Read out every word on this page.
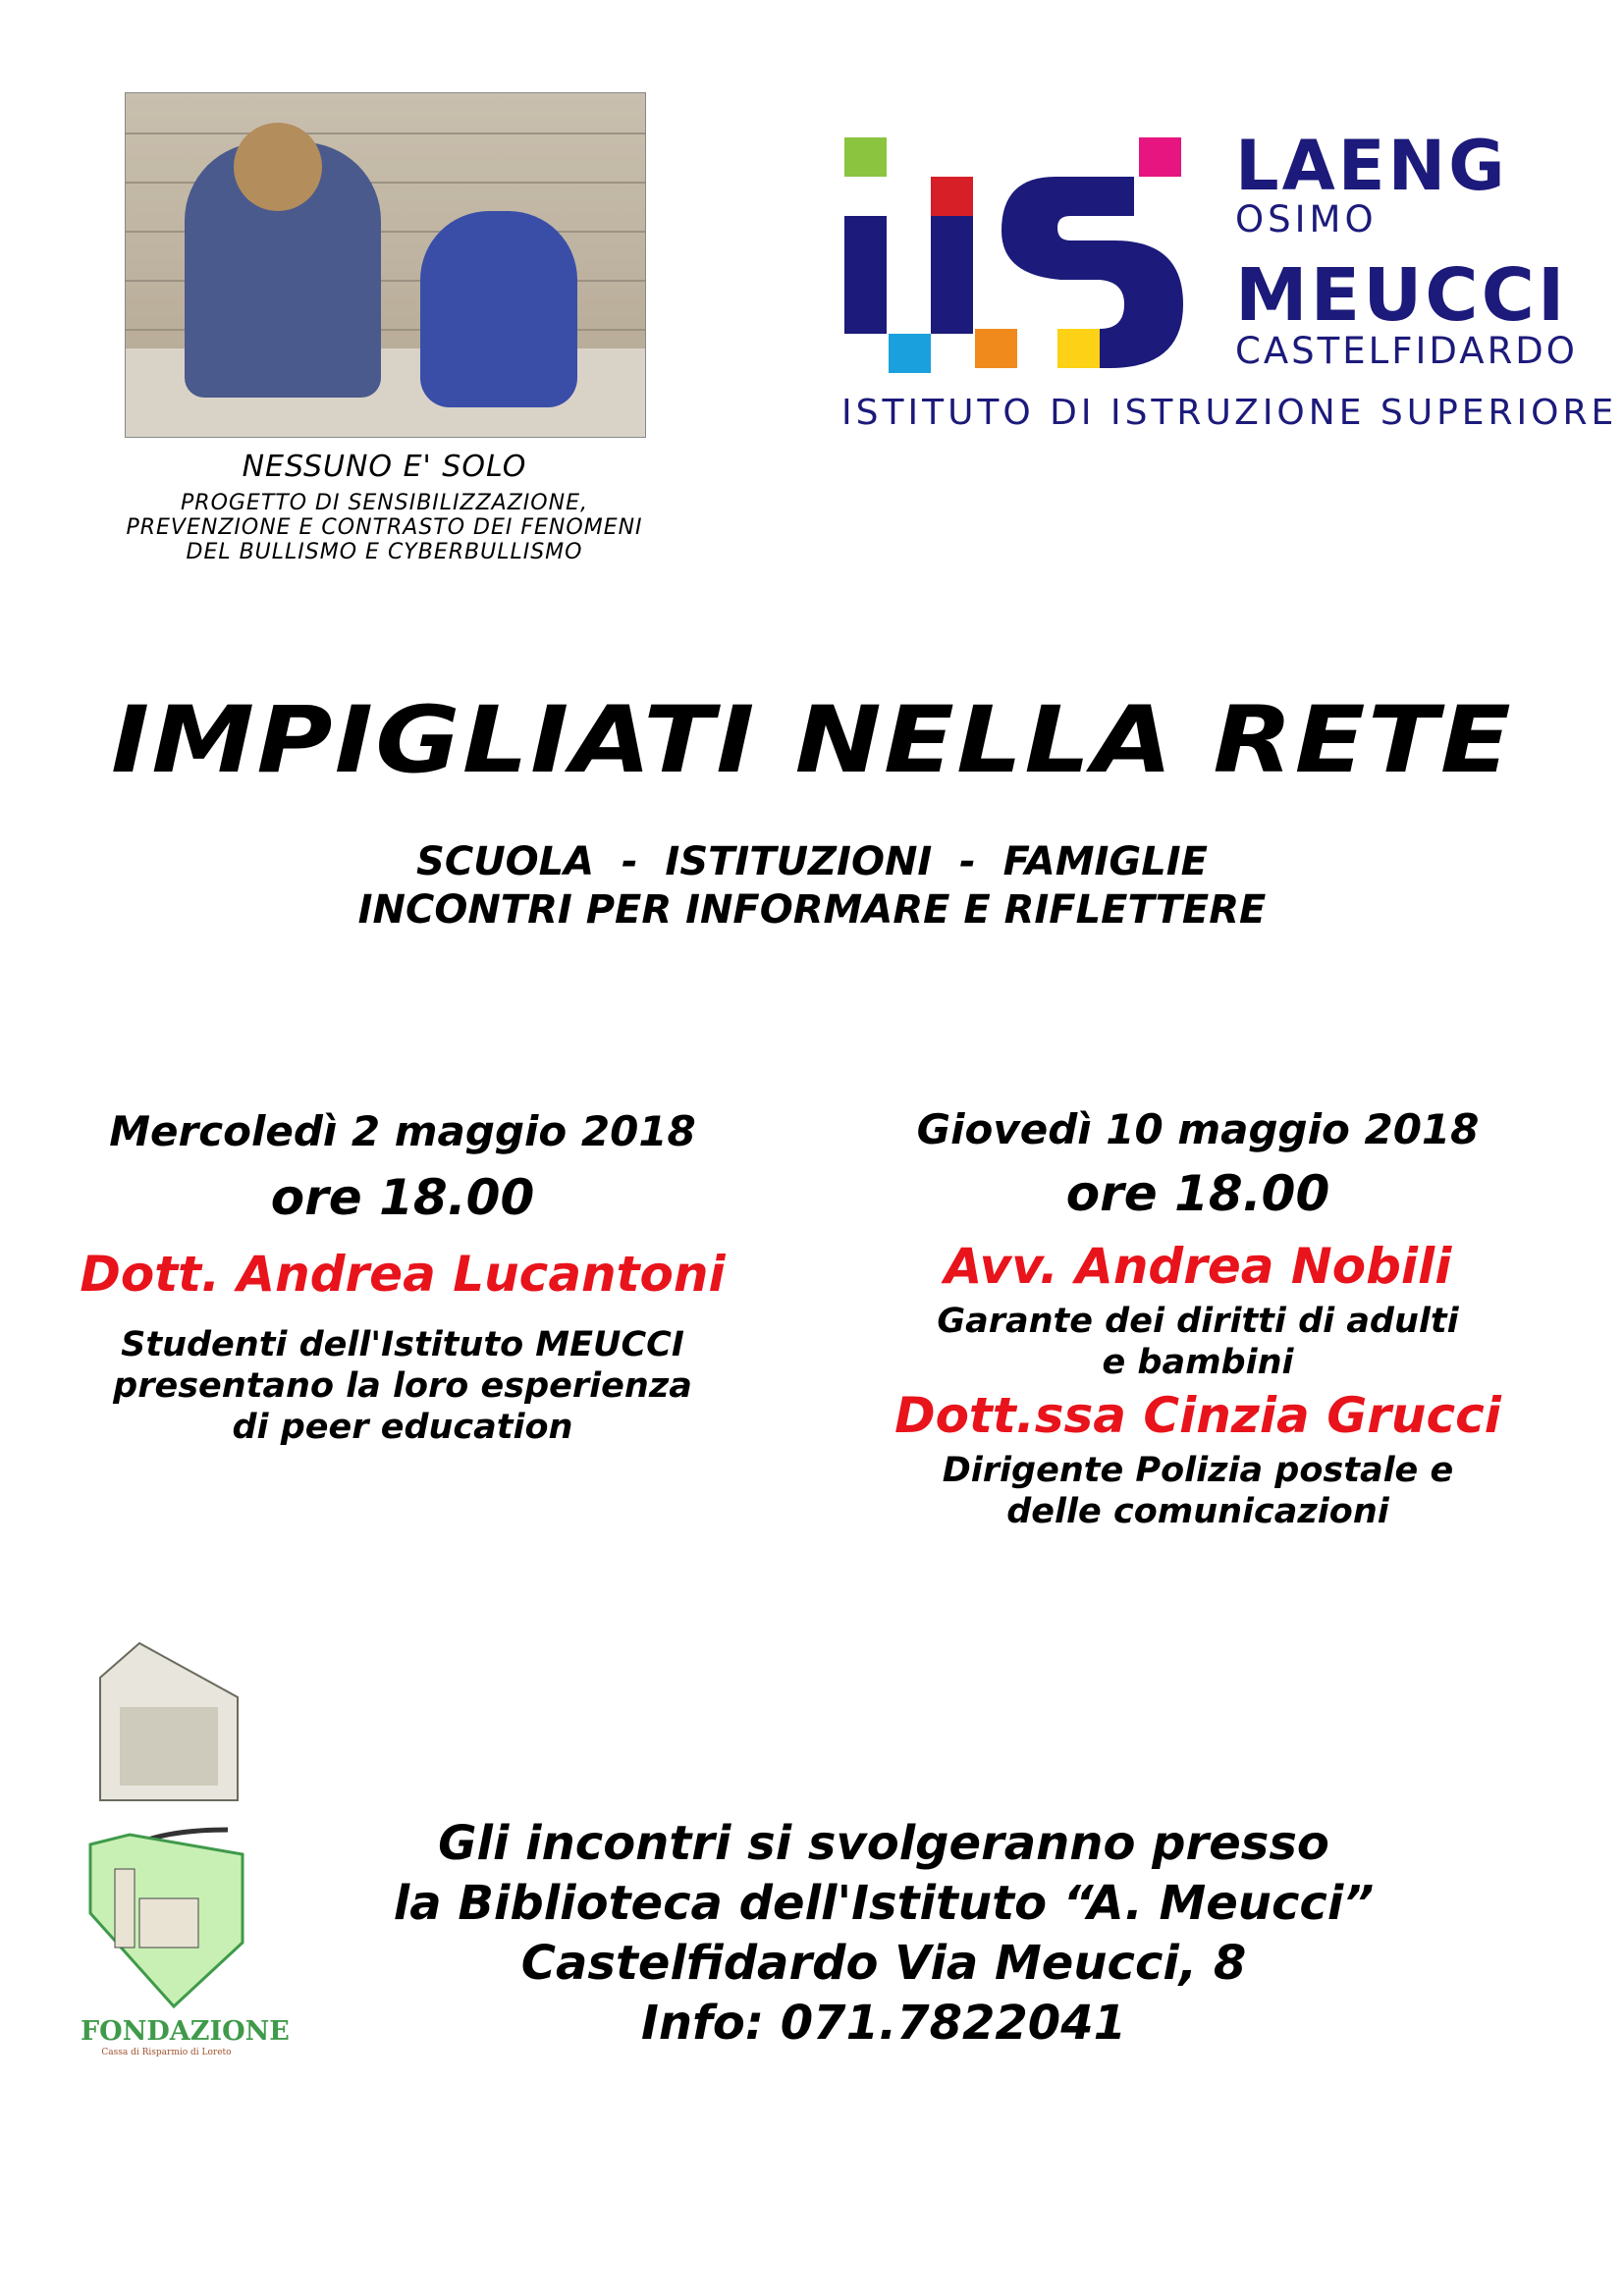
NESSUNO E' SOLO
PROGETTO DI SENSIBILIZZAZIONE,
PREVENZIONE E CONTRASTO DEI FENOMENI
DEL BULLISMO E CYBERBULLISMO
LAENG
OSIMO
MEUCCI
CASTELFIDARDO
ISTITUTO DI ISTRUZIONE SUPERIORE
IMPIGLIATI NELLA RETE
SCUOLA  -  ISTITUZIONI  -  FAMIGLIE
INCONTRI PER INFORMARE E RIFLETTERE
Mercoledì 2 maggio 2018
ore 18.00
Dott. Andrea Lucantoni
Studenti dell'Istituto MEUCCI
presentano la loro esperienza
di peer education
Giovedì 10 maggio 2018
ore 18.00
Avv. Andrea Nobili
Garante dei diritti di adulti
e bambini
Dott.ssa Cinzia Grucci
Dirigente Polizia postale e
delle comunicazioni
FONDAZIONE
Cassa di Risparmio di Loreto
Gli incontri si svolgeranno presso
la Biblioteca dell'Istituto “A. Meucci”
Castelfidardo Via Meucci, 8
Info: 071.7822041
